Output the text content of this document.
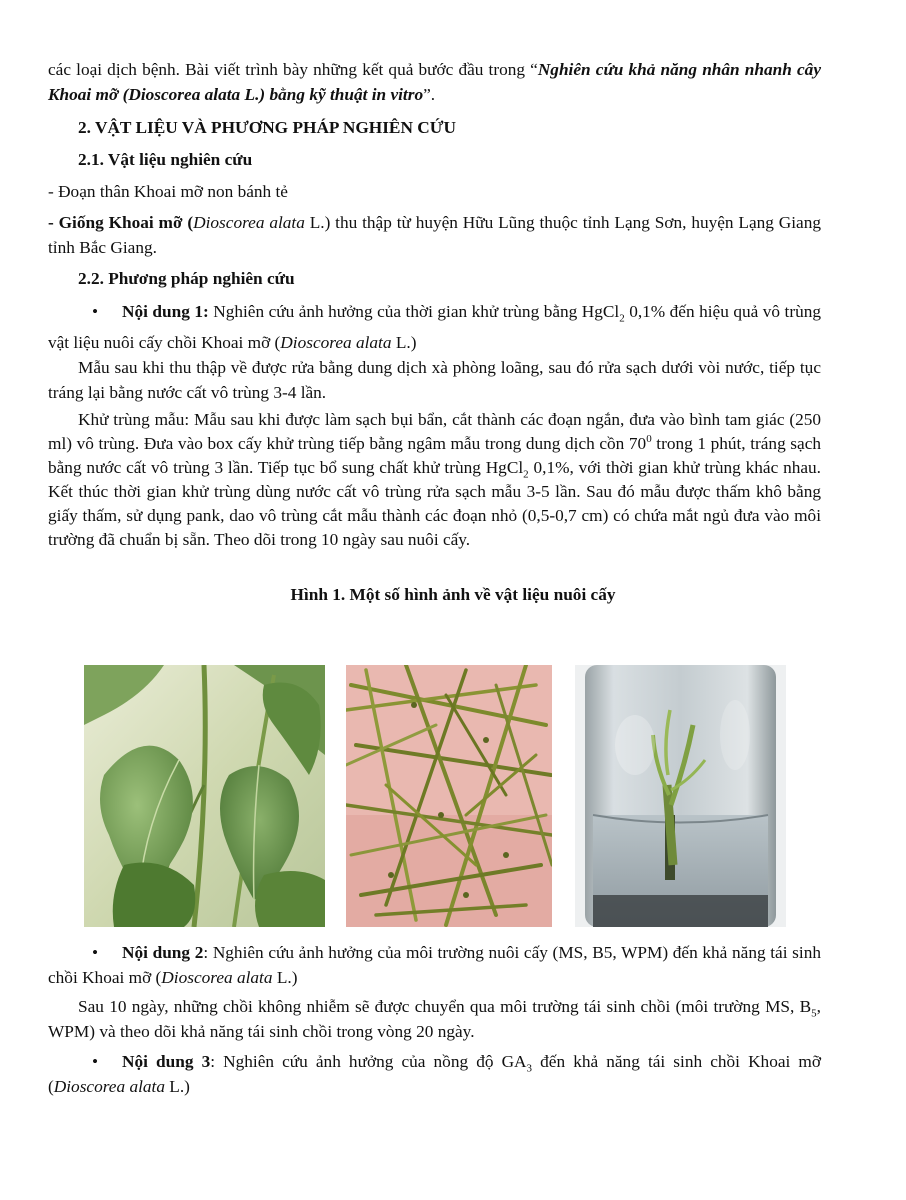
các loại dịch bệnh. Bài viết trình bày những kết quả bước đầu trong “Nghiên cứu khả năng nhân nhanh cây Khoai mỡ (Dioscorea alata L.) bằng kỹ thuật in vitro”.

2. VẬT LIỆU VÀ PHƯƠNG PHÁP NGHIÊN CỨU

2.1. Vật liệu nghiên cứu

- Đoạn thân Khoai mỡ non bánh tẻ

- Giống Khoai mỡ (Dioscorea alata L.) thu thập từ huyện Hữu Lũng thuộc tỉnh Lạng Sơn, huyện Lạng Giang tỉnh Bắc Giang.

2.2. Phương pháp nghiên cứu

• Nội dung 1: Nghiên cứu ảnh hưởng của thời gian khử trùng bằng HgCl$_2$ 0,1% đến hiệu quả vô trùng vật liệu nuôi cấy chồi Khoai mỡ (Dioscorea alata L.)

Mẫu sau khi thu thập về được rửa bằng dung dịch xà phòng loãng, sau đó rửa sạch dưới vòi nước, tiếp tục tráng lại bằng nước cất vô trùng 3-4 lần.

Khử trùng mẫu: Mẫu sau khi được làm sạch bụi bẩn, cắt thành các đoạn ngắn, đưa vào bình tam giác (250 ml) vô trùng. Đưa vào box cấy khử trùng tiếp bằng ngâm mẫu trong dung dịch cồn $70^0$ trong 1 phút, tráng sạch bằng nước cất vô trùng 3 lần. Tiếp tục bổ sung chất khử trùng HgCl$_2$ 0,1%, với thời gian khử trùng khác nhau. Kết thúc thời gian khử trùng dùng nước cất vô trùng rửa sạch mẫu 3-5 lần. Sau đó mẫu được thấm khô bằng giấy thấm, sử dụng pank, dao vô trùng cắt mẫu thành các đoạn nhỏ (0,5-0,7 cm) có chứa mắt ngủ đưa vào môi trường đã chuẩn bị sẵn. Theo dõi trong 10 ngày sau nuôi cấy.

Hình 1. Một số hình ảnh về vật liệu nuôi cấy

• Nội dung 2: Nghiên cứu ảnh hưởng của môi trường nuôi cấy (MS, B5, WPM) đến khả năng tái sinh chồi Khoai mỡ (Dioscorea alata L.)

Sau 10 ngày, những chồi không nhiễm sẽ được chuyển qua môi trường tái sinh chồi (môi trường MS, $B_5$, WPM) và theo dõi khả năng tái sinh chồi trong vòng 20 ngày.

• Nội dung 3: Nghiên cứu ảnh hưởng của nồng độ $GA_3$ đến khả năng tái sinh chồi Khoai mỡ (Dioscorea alata L.)
